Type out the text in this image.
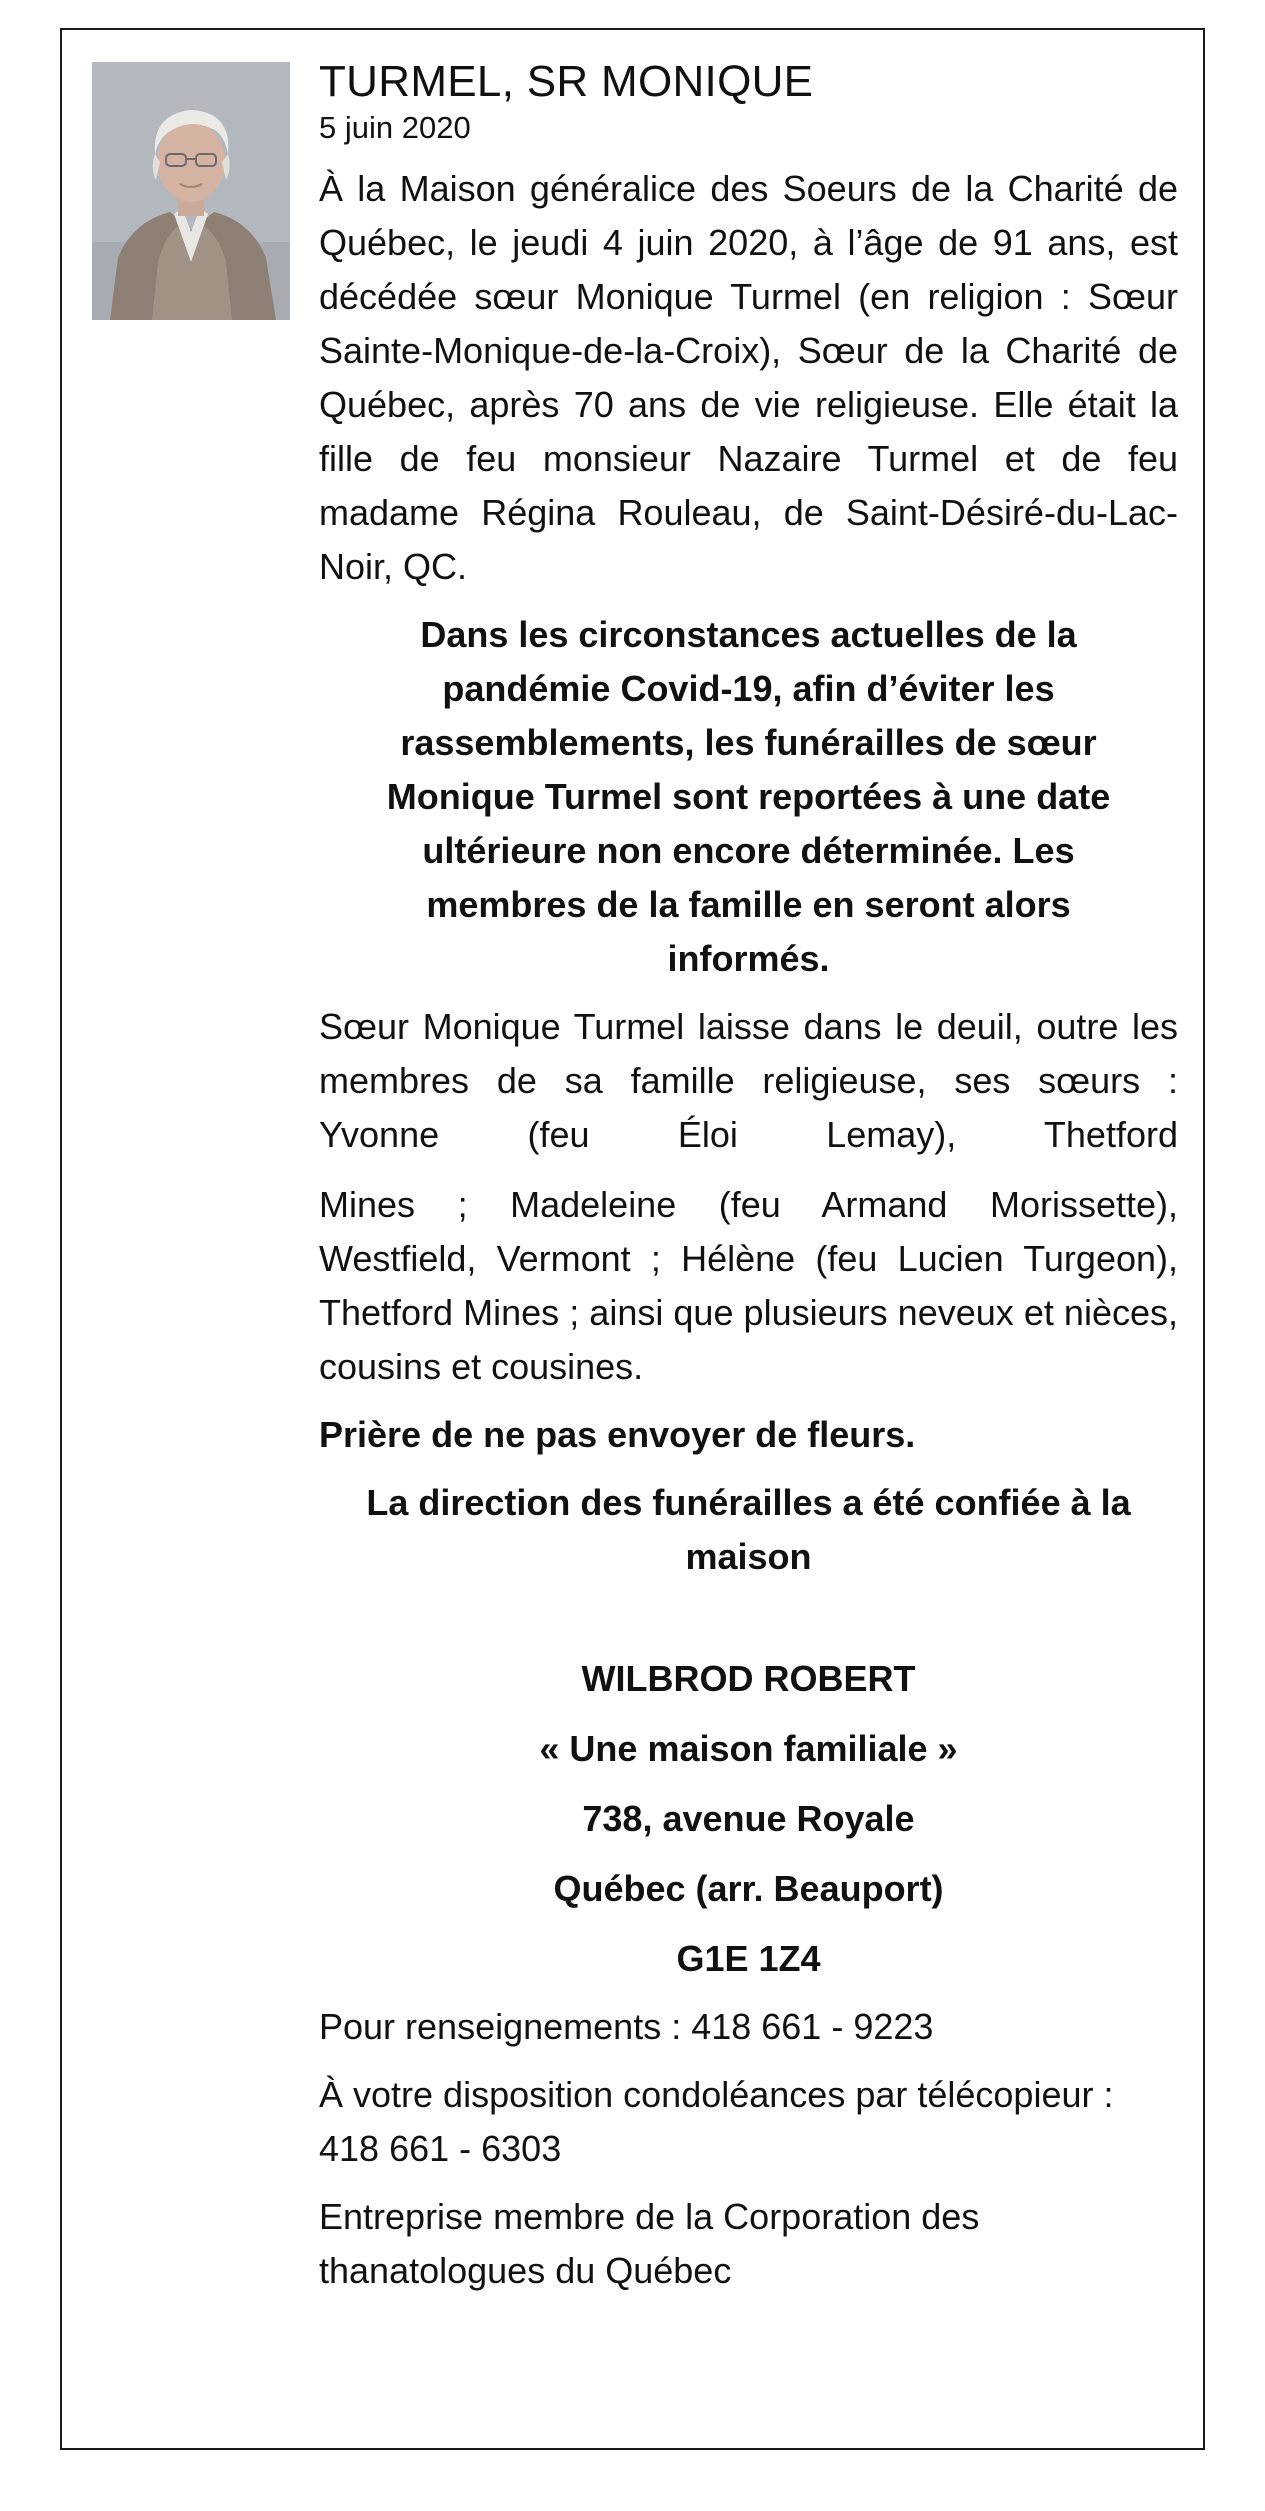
TURMEL, SR MONIQUE
5 juin 2020

À la Maison généralice des Soeurs de la Charité de Québec, le jeudi 4 juin 2020, à l’âge de 91 ans, est décédée sœur Monique Turmel (en religion : Sœur Sainte-Monique-de-la-Croix), Sœur de la Charité de Québec, après 70 ans de vie religieuse. Elle était la fille de feu monsieur Nazaire Turmel et de feu madame Régina Rouleau, de Saint-Désiré-du-Lac-Noir, QC.

Dans les circonstances actuelles de la pandémie Covid-19, afin d’éviter les rassemblements, les funérailles de sœur Monique Turmel sont reportées à une date ultérieure non encore déterminée. Les membres de la famille en seront alors informés.

Sœur Monique Turmel laisse dans le deuil, outre les membres de sa famille religieuse, ses sœurs : Yvonne (feu Éloi Lemay), Thetford

Mines ; Madeleine (feu Armand Morissette), Westfield, Vermont ; Hélène (feu Lucien Turgeon), Thetford Mines ; ainsi que plusieurs neveux et nièces, cousins et cousines.

Prière de ne pas envoyer de fleurs.

La direction des funérailles a été confiée à la maison

WILBROD ROBERT

« Une maison familiale »

738, avenue Royale

Québec (arr. Beauport)

G1E 1Z4

Pour renseignements : 418 661 - 9223

À votre disposition condoléances par télécopieur :

418 661 - 6303

Entreprise membre de la Corporation des thanatologues du Québec
